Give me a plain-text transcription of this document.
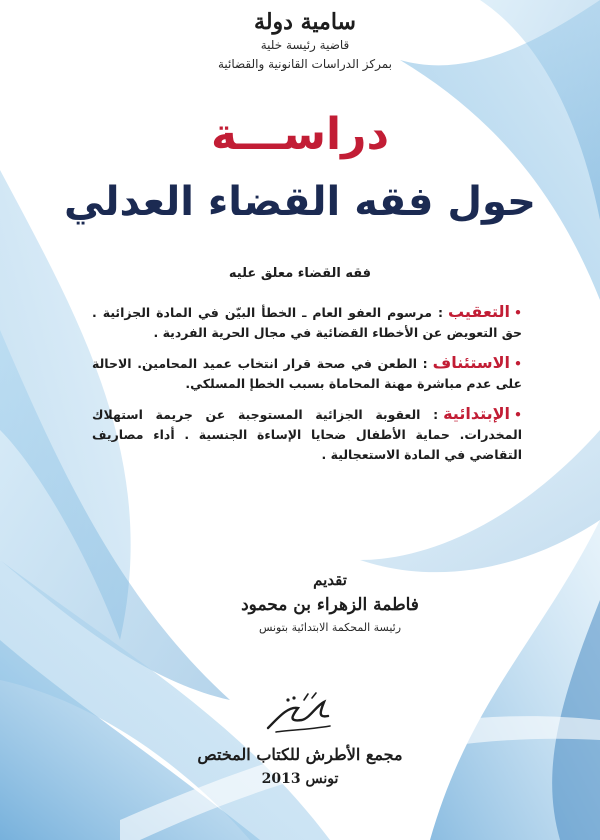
سامية دولة
قاضية رئيسة خلية
بمركز الدراسات القانونية والقضائية
دراســـة
حول فقه القضاء العدلي
فقه القضاء معلق عليه
•التعقيب: مرسوم العفو العام ـ الخطأ البيّن في المادة الجزائية . حق التعويض عن الأخطاء القضائية في مجال الحرية الفردية .
•الاستئناف: الطعن في صحة قرار انتخاب عميد المحامين. الاحالة على عدم مباشرة مهنة المحاماة بسبب الخطإ المسلكي.
•الإبتدائية: العقوبة الجزائية المستوجبة عن جريمة استهلاك المخدرات. حماية الأطفال ضحايا الإساءة الجنسية . أداء مصاريف التقاضي في المادة الاستعجالية .
تقديم
فاطمة الزهراء بن محمود
رئيسة المحكمة الابتدائية بتونس
مجمع الأطرش للكتاب المختص
تونس 2013
